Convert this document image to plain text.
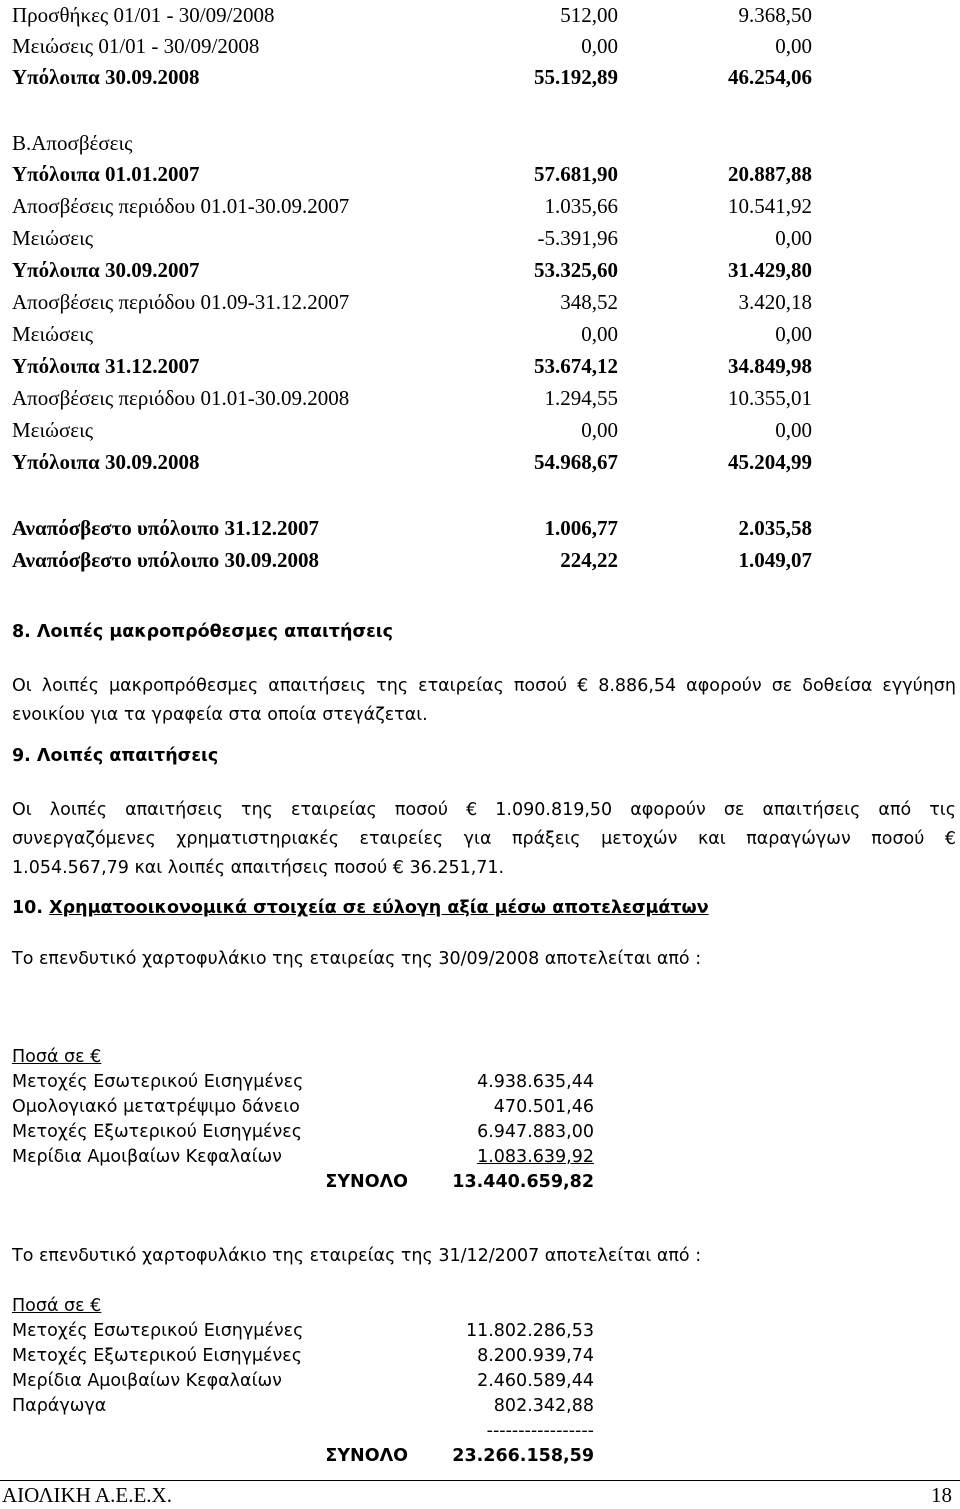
Προσθήκες 01/01 - 30/09/2008	512,00	9.368,50
Μειώσεις 01/01 - 30/09/2008	0,00	0,00
Υπόλοιπα 30.09.2008	55.192,89	46.254,06
Β.Αποσβέσεις
Υπόλοιπα 01.01.2007	57.681,90	20.887,88
Αποσβέσεις περιόδου 01.01-30.09.2007	1.035,66	10.541,92
Μειώσεις	-5.391,96	0,00
Υπόλοιπα 30.09.2007	53.325,60	31.429,80
Αποσβέσεις περιόδου 01.09-31.12.2007	348,52	3.420,18
Μειώσεις	0,00	0,00
Υπόλοιπα 31.12.2007	53.674,12	34.849,98
Αποσβέσεις περιόδου 01.01-30.09.2008	1.294,55	10.355,01
Μειώσεις	0,00	0,00
Υπόλοιπα 30.09.2008	54.968,67	45.204,99
Αναπόσβεστο υπόλοιπο 31.12.2007	1.006,77	2.035,58
Αναπόσβεστο υπόλοιπο 30.09.2008	224,22	1.049,07
8. Λοιπές μακροπρόθεσμες απαιτήσεις
Οι λοιπές μακροπρόθεσμες απαιτήσεις της εταιρείας ποσού € 8.886,54 αφορούν σε δοθείσα εγγύηση ενοικίου για τα γραφεία στα οποία στεγάζεται.
9. Λοιπές απαιτήσεις
Οι λοιπές απαιτήσεις της εταιρείας ποσού € 1.090.819,50 αφορούν σε απαιτήσεις από τις
συνεργαζόμενες χρηματιστηριακές εταιρείες για πράξεις μετοχών και παραγώγων ποσού €
1.054.567,79 και λοιπές απαιτήσεις ποσού € 36.251,71.
10. Χρηματοοικονομικά στοιχεία σε εύλογη αξία μέσω αποτελεσμάτων
Το επενδυτικό χαρτοφυλάκιο της εταιρείας της 30/09/2008 αποτελείται από :
Ποσά σε €
Μετοχές Εσωτερικού Εισηγμένες	4.938.635,44
Ομολογιακό μετατρέψιμο δάνειο	470.501,46
Μετοχές Εξωτερικού Εισηγμένες	6.947.883,00
Μερίδια Αμοιβαίων Κεφαλαίων	1.083.639,92
ΣΥΝΟΛΟ	13.440.659,82
Το επενδυτικό χαρτοφυλάκιο της εταιρείας της 31/12/2007 αποτελείται από :
Ποσά σε €
Μετοχές Εσωτερικού Εισηγμένες	11.802.286,53
Μετοχές Εξωτερικού Εισηγμένες	8.200.939,74
Μερίδια Αμοιβαίων Κεφαλαίων	2.460.589,44
Παράγωγα	802.342,88
-----------------
ΣΥΝΟΛΟ	23.266.158,59
ΑΙΟΛΙΚΗ Α.Ε.Ε.Χ.	18
